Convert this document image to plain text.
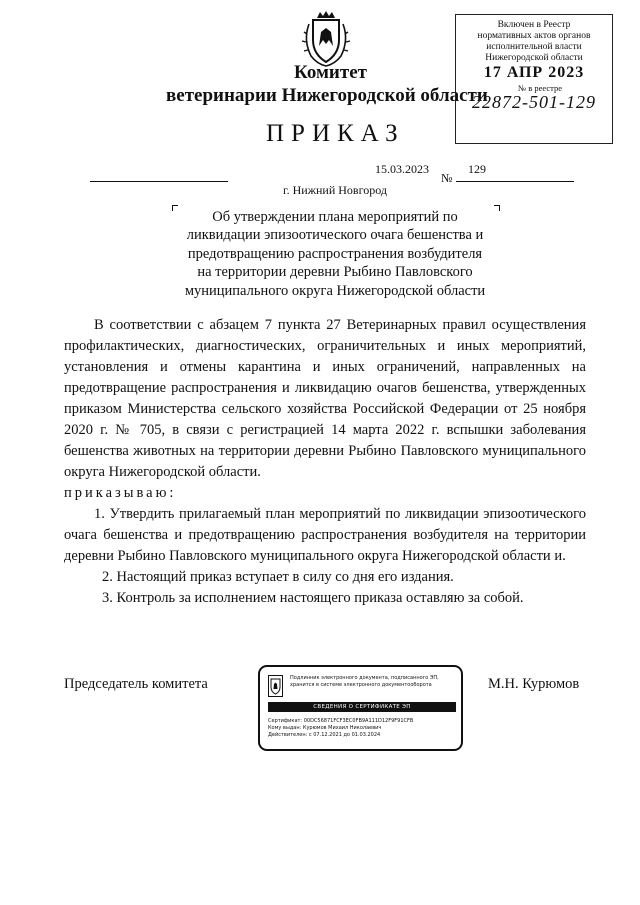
Комитет
ветеринарии Нижегородской области
ПРИКАЗ
Включен в Реестр
нормативных актов органов
исполнительной власти
Нижегородской области
17 АПР 2023
№ в реестре
22872-501-129
15.03.2023	129
№
г. Нижний Новгород
Об утверждении плана мероприятий по
ликвидации эпизоотического очага бешенства и
предотвращению распространения возбудителя
на территории деревни Рыбино Павловского
муниципального округа Нижегородской области

В соответствии с абзацем 7 пункта 27 Ветеринарных правил осуществления профилактических, диагностических, ограничительных и иных мероприятий, установления и отмены карантина и иных ограничений, направленных на предотвращение распространения и ликвидацию очагов бешенства, утвержденных приказом Министерства сельского хозяйства Российской Федерации от 25 ноября 2020 г. № 705, в связи с регистрацией 14 марта 2022 г. вспышки заболевания бешенства животных на территории деревни Рыбино Павловского муниципального округа Нижегородской области.

приказываю:

1. Утвердить прилагаемый план мероприятий по ликвидации эпизоотического очага бешенства и предотвращению распространения возбудителя на территории деревни Рыбино Павловского муниципального округа Нижегородской области и.

2. Настоящий приказ вступает в силу со дня его издания.

3. Контроль за исполнением настоящего приказа оставляю за собой.

Председатель комитета	М.Н. Курюмов
Подлинник электронного документа, подписанного ЭП,
хранится в системе электронного документооборота
СВЕДЕНИЯ О СЕРТИФИКАТЕ ЭП
Сертификат: 00DC56871FCF3EC0FB9A111D12F9F91CFB
Кому выдан: Курюмов Михаил Николаевич
Действителен: с 07.12.2021 до 01.03.2024
